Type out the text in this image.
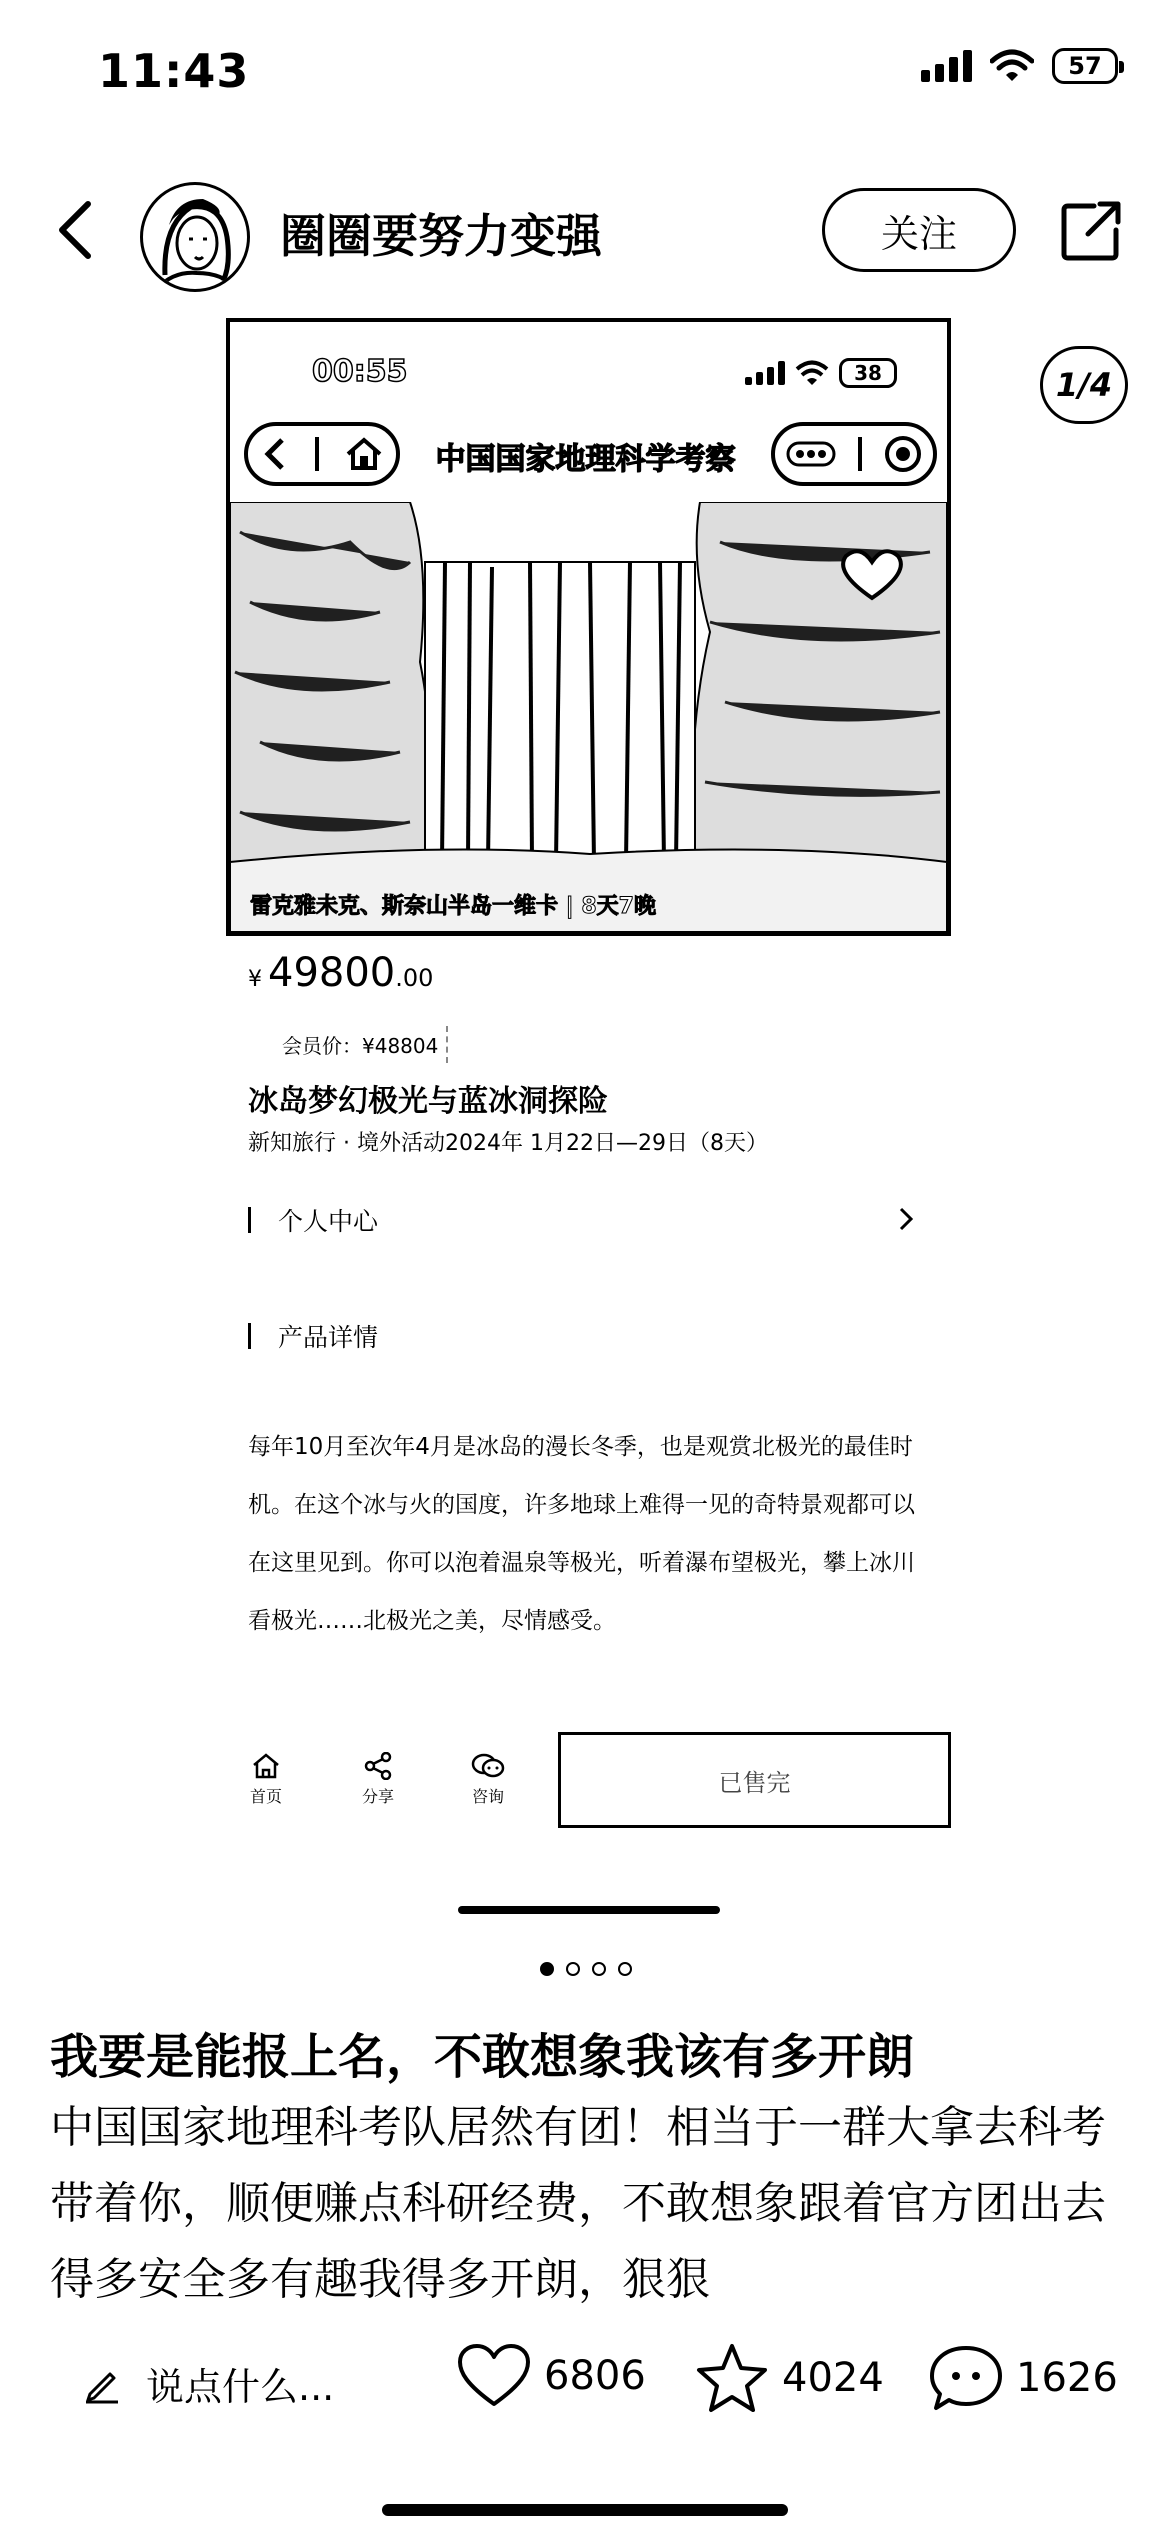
11:43	57
圈圈要努力变强	关注
1/4
00:55	38
中国国家地理科学考察
雷克雅未克、斯奈山半岛一维卡 | 8天7晚
¥ 49800 .00
会员价：¥48804
冰岛梦幻极光与蓝冰洞探险
新知旅行 · 境外活动2024年 1月22日—29日（8天）
个人中心
产品详情
每年10月至次年4月是冰岛的漫长冬季，也是观赏北极光的最佳时机。在这个冰与火的国度，许多地球上难得一见的奇特景观都可以在这里见到。你可以泡着温泉等极光，听着瀑布望极光，攀上冰川看极光……北极光之美，尽情感受。
首页	分享	咨询	已售完
我要是能报上名，不敢想象我该有多开朗
中国国家地理科考队居然有团！相当于一群大拿去科考带着你，顺便赚点科研经费，不敢想象跟着官方团出去得多安全多有趣我得多开朗，狠狠
说点什么...	6806	4024	1626
